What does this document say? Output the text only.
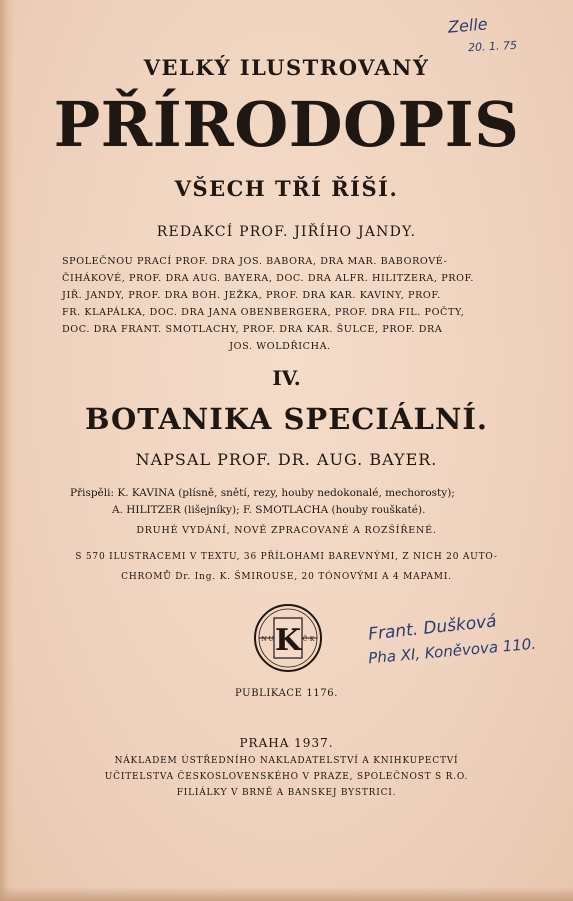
VELKÝ ILUSTROVANÝ
PŘÍRODOPIS
VŠECH TŘÍ ŘÍŠÍ.
REDAKCÍ PROF. JIŘÍHO JANDY.
SPOLEČNOU PRACÍ PROF. DRA JOS. BABORA, DRA MAR. BABOROVÉ-
ČIHÁKOVÉ, PROF. DRA AUG. BAYERA, DOC. DRA ALFR. HILITZERA, PROF.
JIŘ. JANDY, PROF. DRA BOH. JEŽKA, PROF. DRA KAR. KAVINY, PROF.
FR. KLAPÁLKA, DOC. DRA JANA OBENBERGERA, PROF. DRA FIL. POČTY,
DOC. DRA FRANT. SMOTLACHY, PROF. DRA KAR. ŠULCE, PROF. DRA
JOS. WOLDŘICHA.
IV.
BOTANIKA SPECIÁLNÍ.
NAPSAL PROF. DR. AUG. BAYER.
Přispěli: K. KAVINA (plísně, snětí, rezy, houby nedokonalé, mechorosty);
A. HILITZER (lišejníky); F. SMOTLACHA (houby rouškaté).
DRUHÉ VYDÁNÍ, NOVĚ ZPRACOVANÉ A ROZŠÍŘENÉ.
S 570 ILUSTRACEMI V TEXTU, 36 PŘÍLOHAMI BAREVNÝMI, Z NICH 20 AUTO-
CHROMŮ Dr. Ing. K. ŠMIROUSE, 20 TÓNOVÝMI A 4 MAPAMI.
K
N U	Č K
Zelle
20. 1. 75
Frant. Dušková
Pha XI, Koněvova 110.
PUBLIKACE 1176.
PRAHA 1937.
NÁKLADEM ÚSTŘEDNÍHO NAKLADATELSTVÍ A KNIHKUPECTVÍ
UČITELSTVA ČESKOSLOVENSKÉHO V PRAZE, SPOLEČNOST S R.O.
FILIÁLKY V BRNĚ A BANSKEJ BYSTRICI.
